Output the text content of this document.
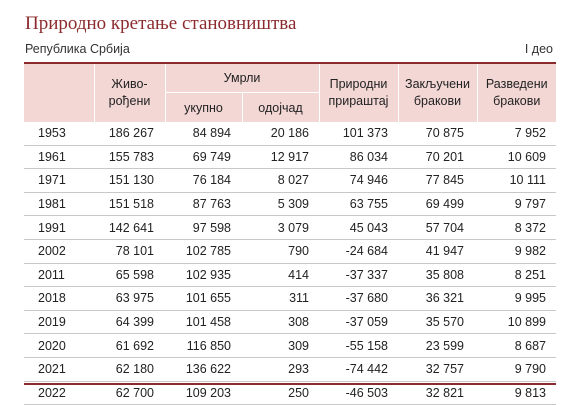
Природно кретање становништва
Република Србија	I део

	Живо-рођени	Умрли		Природни прираштај	Закључени бракови	Разведени бракови

		укупно	одојчад			
1953	186 267	84 894	20 186	101 373	70 875	7 952
1961	155 783	69 749	12 917	86 034	70 201	10 609
1971	151 130	76 184	8 027	74 946	77 845	10 111
1981	151 518	87 763	5 309	63 755	69 499	9 797
1991	142 641	97 598	3 079	45 043	57 704	8 372
2002	78 101	102 785	790	-24 684	41 947	9 982
2011	65 598	102 935	414	-37 337	35 808	8 251
2018	63 975	101 655	311	-37 680	36 321	9 995
2019	64 399	101 458	308	-37 059	35 570	10 899
2020	61 692	116 850	309	-55 158	23 599	8 687
2021	62 180	136 622	293	-74 442	32 757	9 790
2022	62 700	109 203	250	-46 503	32 821	9 813
